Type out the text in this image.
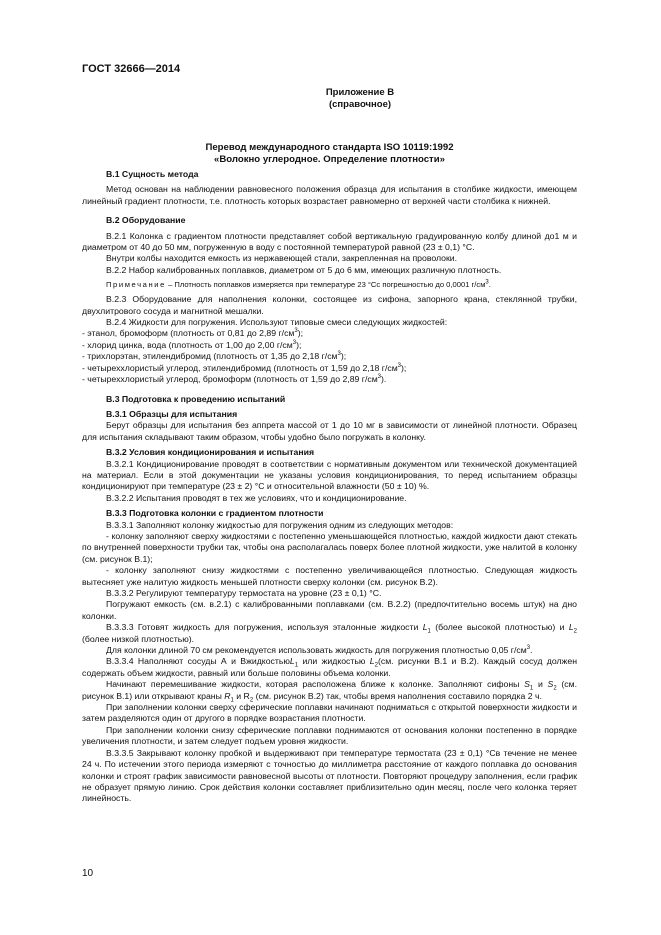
ГОСТ 32666—2014
Приложение В
(справочное)
Перевод международного стандарта ISO 10119:1992
«Волокно углеродное. Определение плотности»
В.1 Сущность метода

Метод основан на наблюдении равновесного положения образца для испытания в столбике жидкости, имеющем линейный градиент плотности, т.е. плотность которых возрастает равномерно от верхней части столбика к нижней.

В.2 Оборудование

В.2.1 Колонка с градиентом плотности представляет собой вертикальную градуированную колбу длиной до1 м и диаметром от 40 до 50 мм, погруженную в воду с постоянной температурой равной (23 ± 0,1) °С.

Внутри колбы находится емкость из нержавеющей стали, закрепленная на проволоки.

В.2.2 Набор калиброванных поплавков, диаметром от 5 до 6 мм, имеющих различную плотность.

Примечание – Плотность поплавков измеряется при температуре 23 °Cс погрешностью до 0,0001 $г/см^3$.

В.2.3 Оборудование для наполнения колонки, состоящее из сифона, запорного крана, стеклянной трубки, двухлитрового сосуда и магнитной мешалки.

В.2.4 Жидкости для погружения. Используют типовые смеси следующих жидкостей:

- этанол, бромоформ (плотность от 0,81 до 2,89 $г/см^3$);

- хлорид цинка, вода (плотность от 1,00 до 2,00 $г/см^3$);

- трихлорэтан, этилендибромид (плотность от 1,35 до 2,18 $г/см^3$);

- четыреххлористый углерод, этилендибромид (плотность от 1,59 до 2,18 $г/см^3$);

- четыреххлористый углерод, бромоформ (плотность от 1,59 до 2,89 $г/см^3$).

В.3 Подготовка к проведению испытаний
В.3.1 Образцы для испытания

Берут образцы для испытания без аппрета массой от 1 до 10 мг в зависимости от линейной плотности. Образец для испытания складывают таким образом, чтобы удобно было погружать в колонку.

В.3.2 Условия кондиционирования и испытания

В.3.2.1 Кондиционирование проводят в соответствии с нормативным документом или технической документацией на материал. Если в этой документации не указаны условия кондиционирования, то перед испытанием образцы кондиционируют при температуре (23 ± 2) °С и относительной влажности (50 ± 10) %.

В.3.2.2 Испытания проводят в тех же условиях, что и кондиционирование.

В.3.3 Подготовка колонки с градиентом плотности

В.3.3.1 Заполняют колонку жидкостью для погружения одним из следующих методов:

- колонку заполняют сверху жидкостями с постепенно уменьшающейся плотностью, каждой жидкости дают стекать по внутренней поверхности трубки так, чтобы она располагалась поверх более плотной жидкости, уже налитой в колонку (см. рисунок В.1);

- колонку заполняют снизу жидкостями с постепенно увеличивающейся плотностью. Следующая жидкость вытесняет уже налитую жидкость меньшей плотности сверху колонки (см. рисунок В.2).

В.3.3.2 Регулируют температуру термостата на уровне (23 ± 0,1) °С.

Погружают емкость (см. в.2.1) с калиброванными поплавками (см. В.2.2) (предпочтительно восемь штук) на дно колонки.

В.3.3.3 Готовят жидкость для погружения, используя эталонные жидкости $L_1$ (более высокой плотностью) и $L_2$ (более низкой плотностью).

Для колонки длиной 70 см рекомендуется использовать жидкость для погружения плотностью 0,05 $г/см^3$.

В.3.3.4 Наполняют сосуды А и ВжидкостьюL$_1$ или жидкостью $L_2(см$. рисунки В.1 и В.2). Каждый сосуд должен содержать объем жидкости, равный или больше половины объема колонки.

Начинают перемешивание жидкости, которая расположена ближе к колонке. Заполняют сифоны $S_1$ и $S_2$ (см. рисунок В.1) или открывают краны $R_1$ и $R_2$ (см. рисунок В.2) так, чтобы время наполнения составило порядка 2 ч.

При заполнении колонки сверху сферические поплавки начинают подниматься с открытой поверхности жидкости и затем разделяются один от другого в порядке возрастания плотности.

При заполнении колонки снизу сферические поплавки поднимаются от основания колонки постепенно в порядке увеличения плотности, и затем следует подъем уровня жидкости.

В.3.3.5 Закрывают колонку пробкой и выдерживают при температуре термостата (23 ± 0,1) °Св течение не менее 24 ч. По истечении этого периода измеряют с точностью до миллиметра расстояние от каждого поплавка до основания колонки и строят график зависимости равновесной высоты от плотности. Повторяют процедуру заполнения, если график не образует прямую линию. Срок действия колонки составляет приблизительно один месяц, после чего колонка теряет линейность.

10
